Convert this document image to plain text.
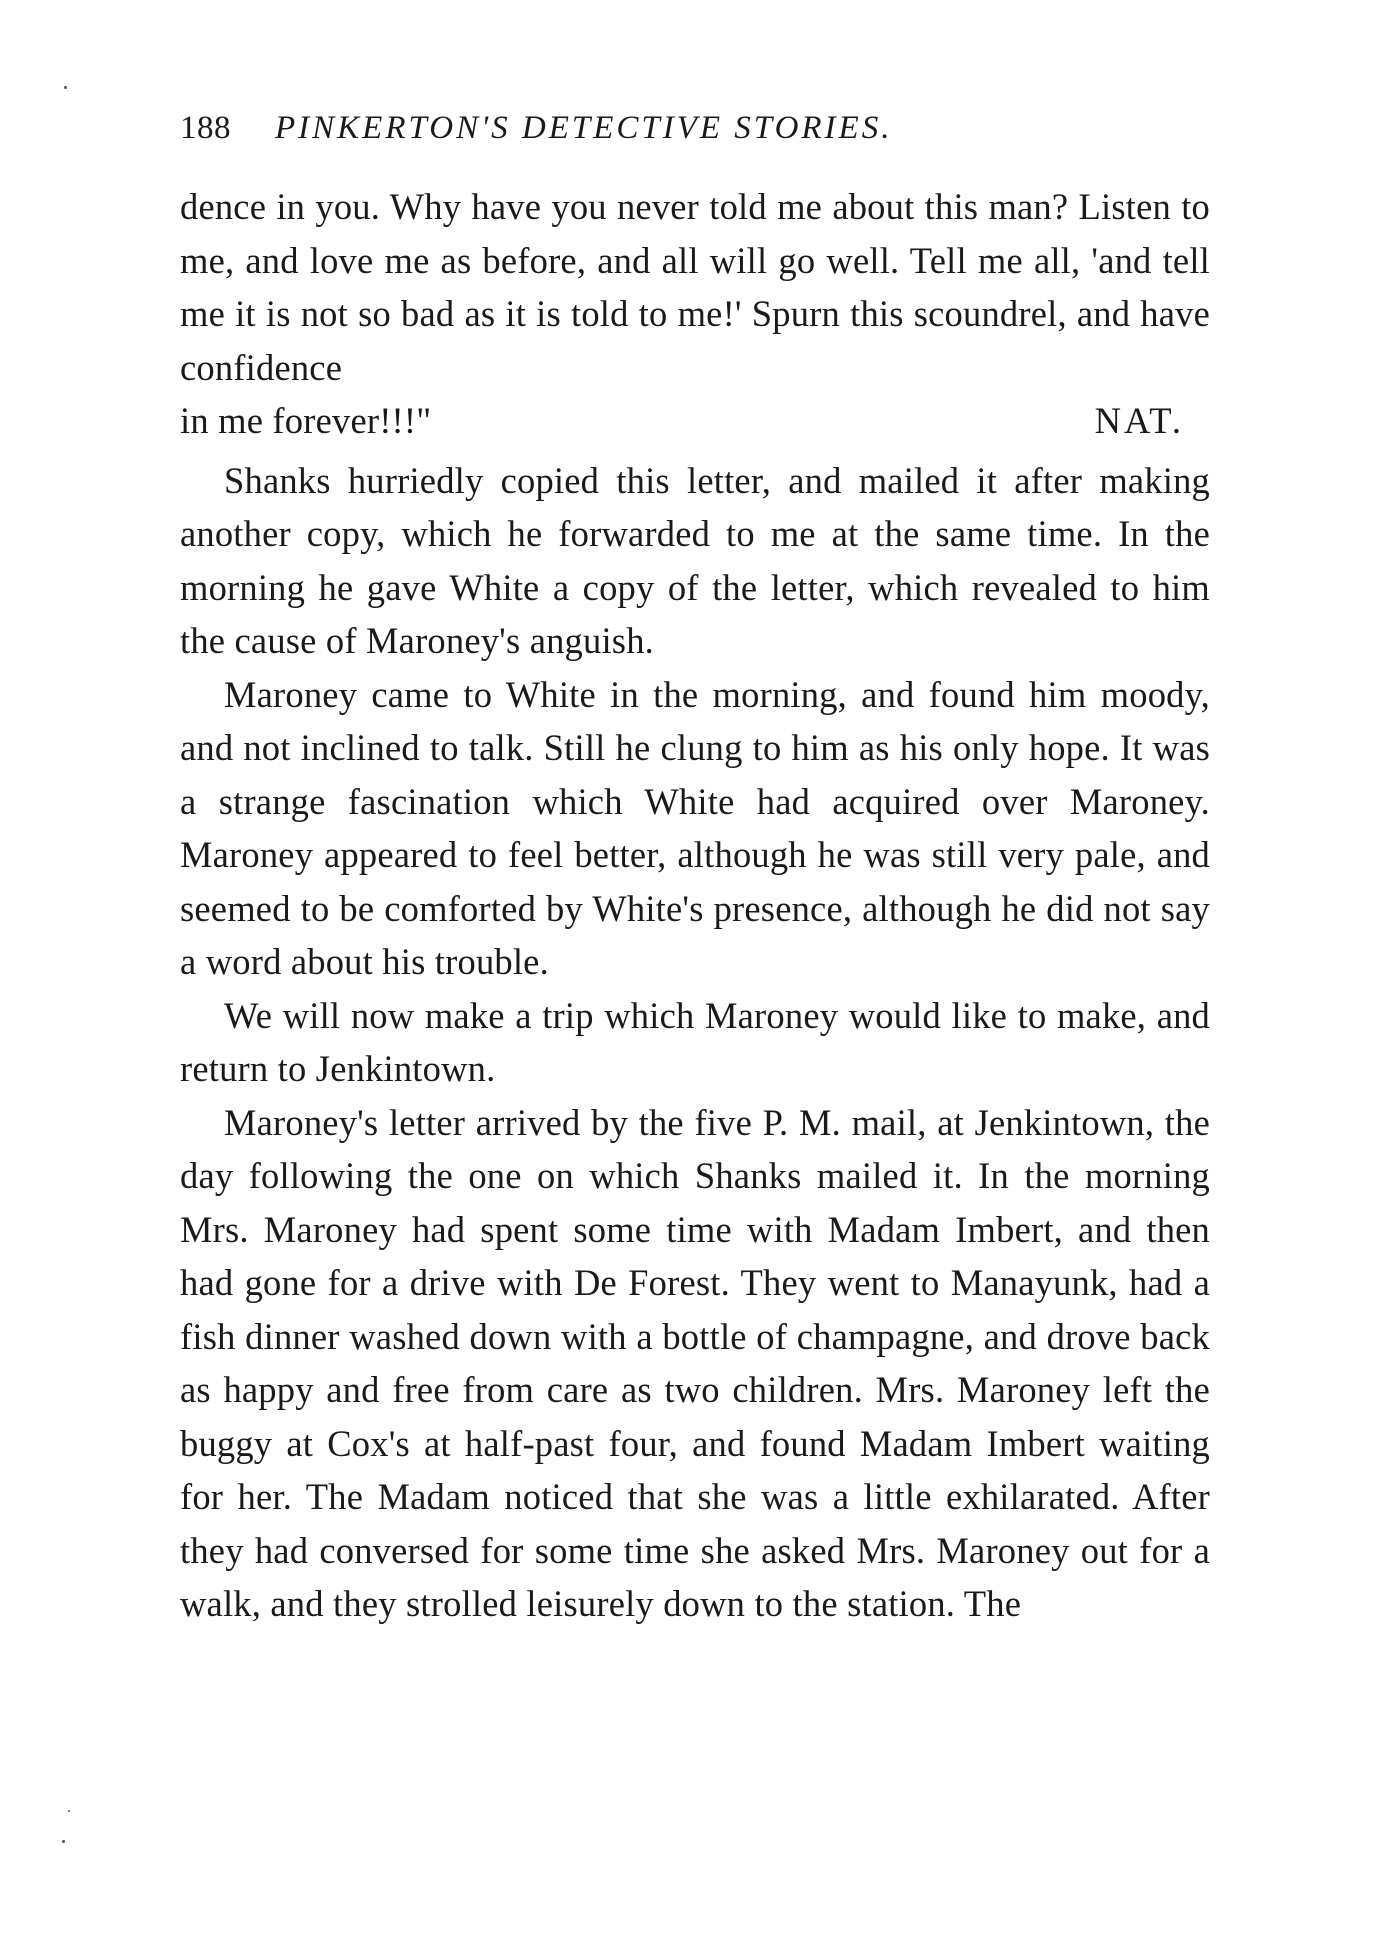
188 PINKERTON'S DETECTIVE STORIES.

dence in you. Why have you never told me about this man? Listen to me, and love me as before, and all will go well. Tell me all, 'and tell me it is not so bad as it is told to me!' Spurn this scoundrel, and have confidence

in me forever!!!"	NAT.

Shanks hurriedly copied this letter, and mailed it after making another copy, which he forwarded to me at the same time. In the morning he gave White a copy of the letter, which revealed to him the cause of Maroney's anguish.

Maroney came to White in the morning, and found him moody, and not inclined to talk. Still he clung to him as his only hope. It was a strange fascination which White had acquired over Maroney. Maroney appeared to feel better, although he was still very pale, and seemed to be comforted by White's presence, although he did not say a word about his trouble.

We will now make a trip which Maroney would like to make, and return to Jenkintown.

Maroney's letter arrived by the five P. M. mail, at Jenkintown, the day following the one on which Shanks mailed it. In the morning Mrs. Maroney had spent some time with Madam Imbert, and then had gone for a drive with De Forest. They went to Manayunk, had a fish dinner washed down with a bottle of champagne, and drove back as happy and free from care as two children. Mrs. Maroney left the buggy at Cox's at half-past four, and found Madam Imbert waiting for her. The Madam noticed that she was a little exhilarated. After they had conversed for some time she asked Mrs. Maroney out for a walk, and they strolled leisurely down to the station. The
